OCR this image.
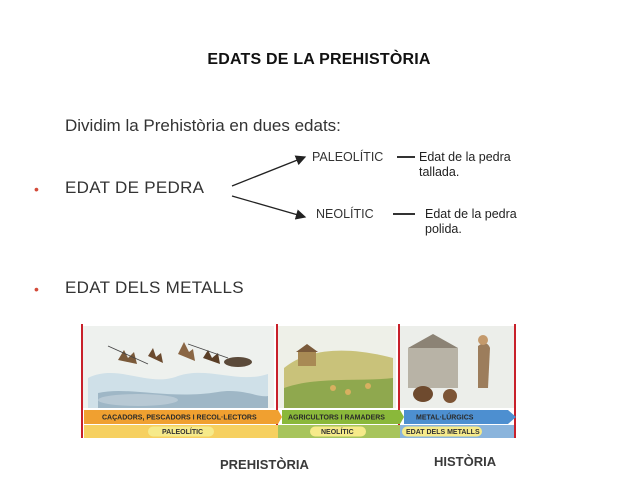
EDATS DE LA PREHISTÒRIA
Dividim la Prehistòria en dues edats:
• EDAT DE PEDRA
• EDAT DELS METALLS
PALEOLÍTIC	Edat de la pedra
tallada.
NEOLÍTIC	Edat de la pedra
polida.
CAÇADORS, PESCADORS I RECOL·LECTORS	AGRICULTORS I RAMADERS	METAL·LÚRGICS
PALEOLÍTIC	NEOLÍTIC	EDAT DELS METALLS
PREHISTÒRIA	HISTÒRIA
